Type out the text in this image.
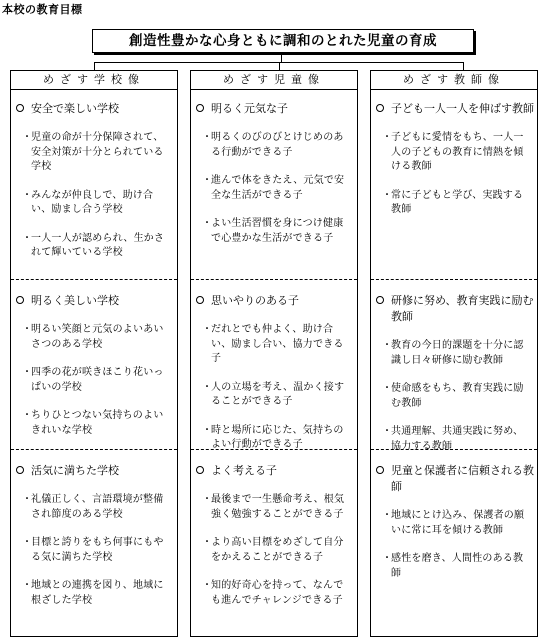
本校の教育目標
創造性豊かな心身ともに調和のとれた児童の育成
めざす学校像
安全で楽しい学校
・ 児童の命が十分保障されて、安全対策が十分とられている学校
・ みんなが仲良しで、助け合い、励まし合う学校
・ 一人一人が認められ、生かされて輝いている学校
明るく美しい学校
・ 明るい笑顔と元気のよいあいさつのある学校
・ 四季の花が咲きほこり花いっぱいの学校
・ ちりひとつない気持ちのよいきれいな学校
活気に満ちた学校
・ 礼儀正しく、言語環境が整備され節度のある学校
・ 目標と誇りをもち何事にもやる気に満ちた学校
・ 地域との連携を図り、地域に根ざした学校
めざす児童像
明るく元気な子
・ 明るくのびのびとけじめのある行動ができる子
・ 進んで体をきたえ、元気で安全な生活ができる子
・ よい生活習慣を身につけ健康で心豊かな生活ができる子
思いやりのある子
・ だれとでも仲よく、助け合い、励まし合い、協力できる子
・ 人の立場を考え、温かく接することができる子
・ 時と場所に応じた、気持ちのよい行動ができる子
よく考える子
・ 最後まで一生懸命考え、根気強く勉強することができる子
・ より高い目標をめざして自分をかえることができる子
・ 知的好奇心を持って、なんでも進んでチャレンジできる子
めざす教師像
子ども一人一人を伸ばす教師
・ 子どもに愛情をもち、一人一人の子どもの教育に情熱を傾ける教師
・ 常に子どもと学び、実践する教師
研修に努め、教育実践に励む教師
・ 教育の今日的課題を十分に認識し日々研修に励む教師
・ 使命感をもち、教育実践に励む教師
・ 共通理解、共通実践に努め、協力する教師
児童と保護者に信頼される教師
・ 地域にとけ込み、保護者の願いに常に耳を傾ける教師
・ 感性を磨き、人間性のある教師
